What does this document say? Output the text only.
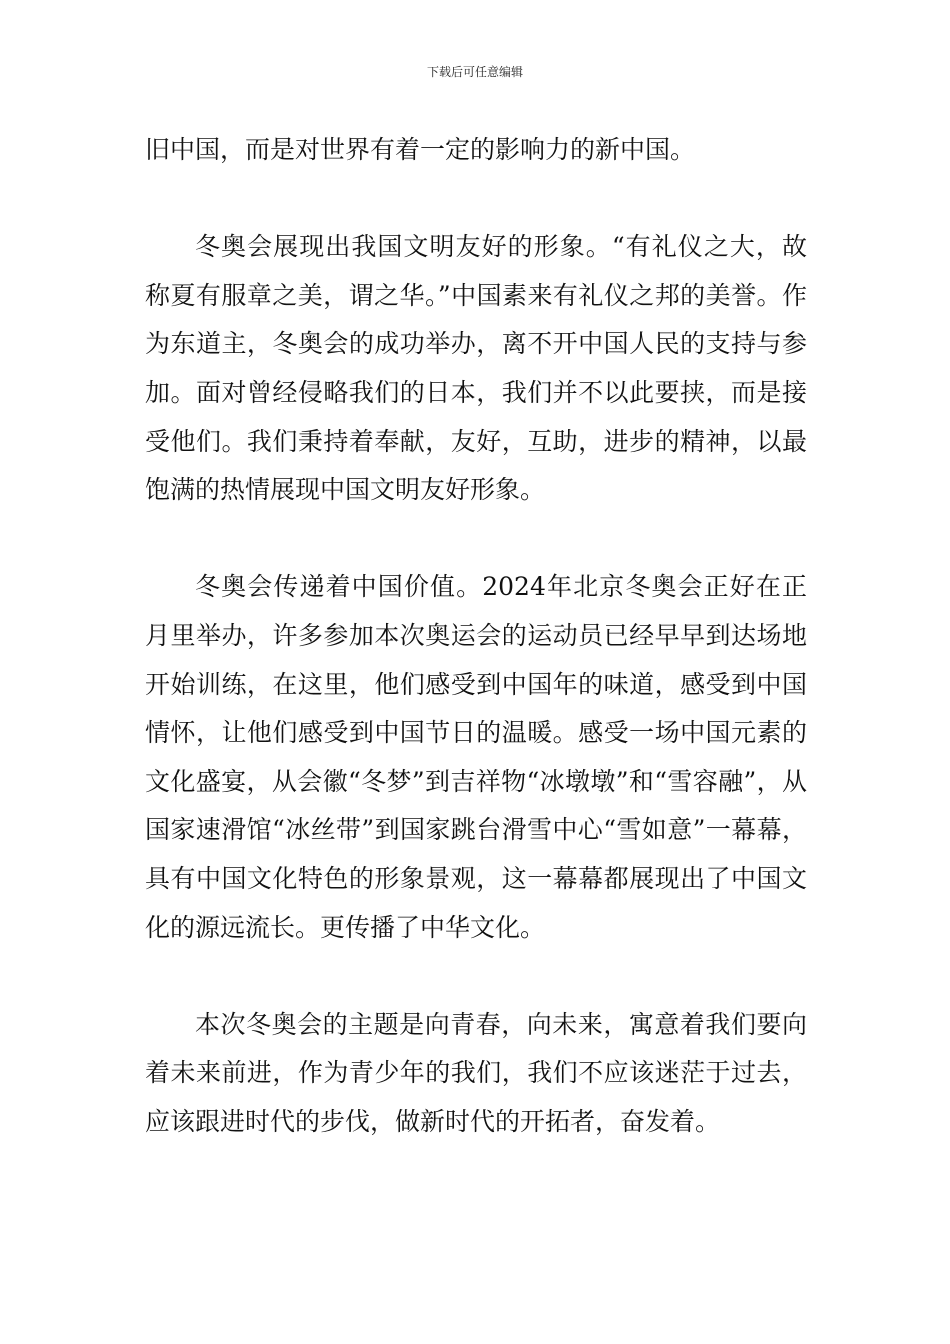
下载后可任意编辑

旧中国，而是对世界有着一定的影响力的新中国。

冬奥会展现出我国文明友好的形象。“有礼仪之大，故称夏有服章之美，谓之华。”中国素来有礼仪之邦的美誉。作为东道主，冬奥会的成功举办，离不开中国人民的支持与参加。面对曾经侵略我们的日本，我们并不以此要挟，而是接受他们。我们秉持着奉献，友好，互助，进步的精神，以最饱满的热情展现中国文明友好形象。

冬奥会传递着中国价值。2024年北京冬奥会正好在正月里举办，许多参加本次奥运会的运动员已经早早到达场地开始训练，在这里，他们感受到中国年的味道，感受到中国情怀，让他们感受到中国节日的温暖。感受一场中国元素的文化盛宴，从会徽“冬梦”到吉祥物“冰墩墩”和“雪容融”，从国家速滑馆“冰丝带”到国家跳台滑雪中心“雪如意”一幕幕，具有中国文化特色的形象景观，这一幕幕都展现出了中国文化的源远流长。更传播了中华文化。

本次冬奥会的主题是向青春，向未来，寓意着我们要向着未来前进，作为青少年的我们，我们不应该迷茫于过去，应该跟进时代的步伐，做新时代的开拓者，奋发着。
